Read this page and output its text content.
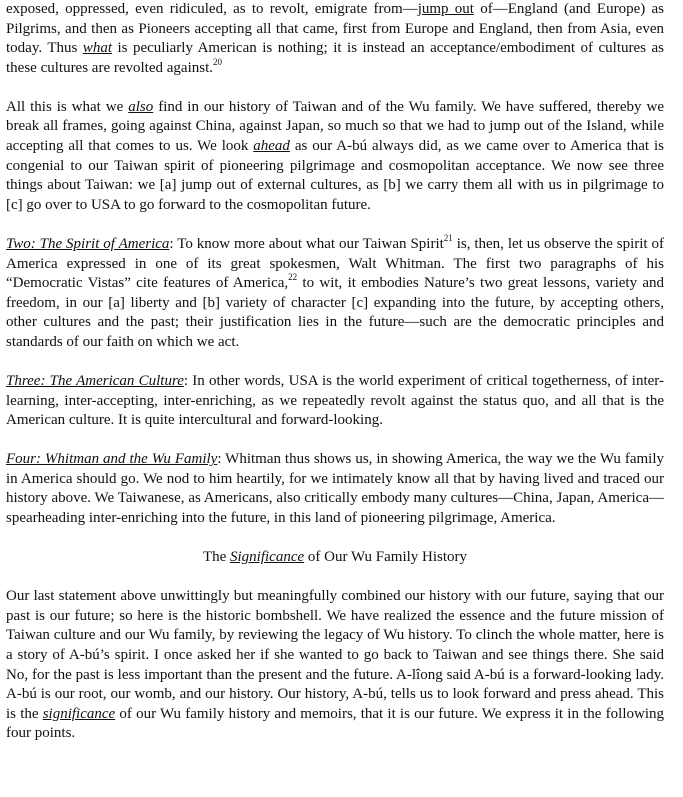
exposed, oppressed, even ridiculed, as to revolt, emigrate from—jump out of—England (and Europe) as Pilgrims, and then as Pioneers accepting all that came, first from Europe and England, then from Asia, even today. Thus what is peculiarly American is nothing; it is instead an acceptance/embodiment of cultures as these cultures are revolted against.$^{20}$

All this is what we also find in our history of Taiwan and of the Wu family. We have suffered, thereby we break all frames, going against China, against Japan, so much so that we had to jump out of the Island, while accepting all that comes to us. We look ahead as our A-bú always did, as we came over to America that is congenial to our Taiwan spirit of pioneering pilgrimage and cosmopolitan acceptance. We now see three things about Taiwan: we [a] jump out of external cultures, as [b] we carry them all with us in pilgrimage to [c] go over to USA to go forward to the cosmopolitan future.

Two: The Spirit of America: To know more about what our Taiwan Spirit$^{21}$ is, then, let us observe the spirit of America expressed in one of its great spokesmen, Walt Whitman. The first two paragraphs of his “Democratic Vistas” cite features of America,$^{22}$ to wit, it embodies Nature’s two great lessons, variety and freedom, in our [a] liberty and [b] variety of character [c] expanding into the future, by accepting others, other cultures and the past; their justification lies in the future—such are the democratic principles and standards of our faith on which we act.

Three: The American Culture: In other words, USA is the world experiment of critical togetherness, of inter-learning, inter-accepting, inter-enriching, as we repeatedly revolt against the status quo, and all that is the American culture. It is quite intercultural and forward-looking.

Four: Whitman and the Wu Family: Whitman thus shows us, in showing America, the way we the Wu family in America should go. We nod to him heartily, for we intimately know all that by having lived and traced our history above. We Taiwanese, as Americans, also critically embody many cultures—China, Japan, America—spearheading inter-enriching into the future, in this land of pioneering pilgrimage, America.

The Significance of Our Wu Family History

Our last statement above unwittingly but meaningfully combined our history with our future, saying that our past is our future; so here is the historic bombshell. We have realized the essence and the future mission of Taiwan culture and our Wu family, by reviewing the legacy of Wu history. To clinch the whole matter, here is a story of A-bú’s spirit. I once asked her if she wanted to go back to Taiwan and see things there. She said No, for the past is less important than the present and the future. A-lîong said A-bú is a forward-looking lady. A-bú is our root, our womb, and our history. Our history, A-bú, tells us to look forward and press ahead. This is the significance of our Wu family history and memoirs, that it is our future. We express it in the following four points.
